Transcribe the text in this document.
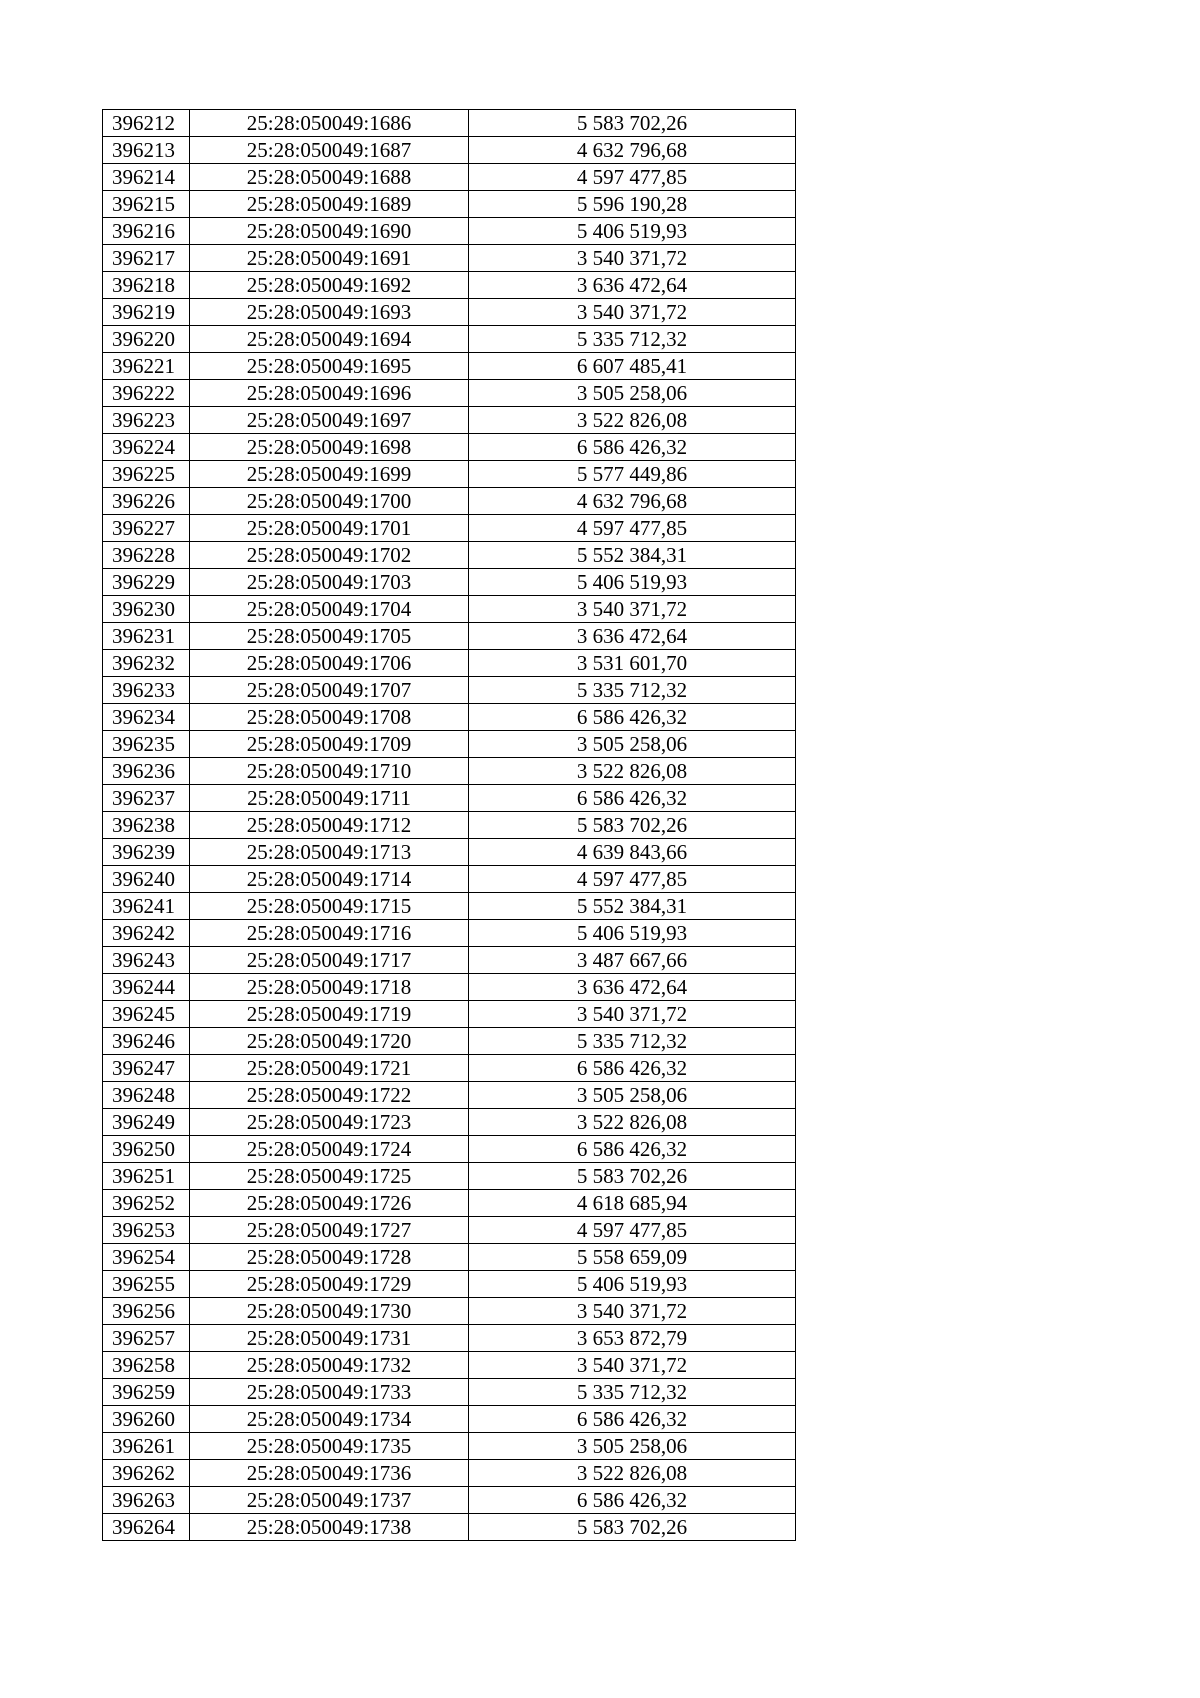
396212	25:28:050049:1686	5 583 702,26
396213	25:28:050049:1687	4 632 796,68
396214	25:28:050049:1688	4 597 477,85
396215	25:28:050049:1689	5 596 190,28
396216	25:28:050049:1690	5 406 519,93
396217	25:28:050049:1691	3 540 371,72
396218	25:28:050049:1692	3 636 472,64
396219	25:28:050049:1693	3 540 371,72
396220	25:28:050049:1694	5 335 712,32
396221	25:28:050049:1695	6 607 485,41
396222	25:28:050049:1696	3 505 258,06
396223	25:28:050049:1697	3 522 826,08
396224	25:28:050049:1698	6 586 426,32
396225	25:28:050049:1699	5 577 449,86
396226	25:28:050049:1700	4 632 796,68
396227	25:28:050049:1701	4 597 477,85
396228	25:28:050049:1702	5 552 384,31
396229	25:28:050049:1703	5 406 519,93
396230	25:28:050049:1704	3 540 371,72
396231	25:28:050049:1705	3 636 472,64
396232	25:28:050049:1706	3 531 601,70
396233	25:28:050049:1707	5 335 712,32
396234	25:28:050049:1708	6 586 426,32
396235	25:28:050049:1709	3 505 258,06
396236	25:28:050049:1710	3 522 826,08
396237	25:28:050049:1711	6 586 426,32
396238	25:28:050049:1712	5 583 702,26
396239	25:28:050049:1713	4 639 843,66
396240	25:28:050049:1714	4 597 477,85
396241	25:28:050049:1715	5 552 384,31
396242	25:28:050049:1716	5 406 519,93
396243	25:28:050049:1717	3 487 667,66
396244	25:28:050049:1718	3 636 472,64
396245	25:28:050049:1719	3 540 371,72
396246	25:28:050049:1720	5 335 712,32
396247	25:28:050049:1721	6 586 426,32
396248	25:28:050049:1722	3 505 258,06
396249	25:28:050049:1723	3 522 826,08
396250	25:28:050049:1724	6 586 426,32
396251	25:28:050049:1725	5 583 702,26
396252	25:28:050049:1726	4 618 685,94
396253	25:28:050049:1727	4 597 477,85
396254	25:28:050049:1728	5 558 659,09
396255	25:28:050049:1729	5 406 519,93
396256	25:28:050049:1730	3 540 371,72
396257	25:28:050049:1731	3 653 872,79
396258	25:28:050049:1732	3 540 371,72
396259	25:28:050049:1733	5 335 712,32
396260	25:28:050049:1734	6 586 426,32
396261	25:28:050049:1735	3 505 258,06
396262	25:28:050049:1736	3 522 826,08
396263	25:28:050049:1737	6 586 426,32
396264	25:28:050049:1738	5 583 702,26
